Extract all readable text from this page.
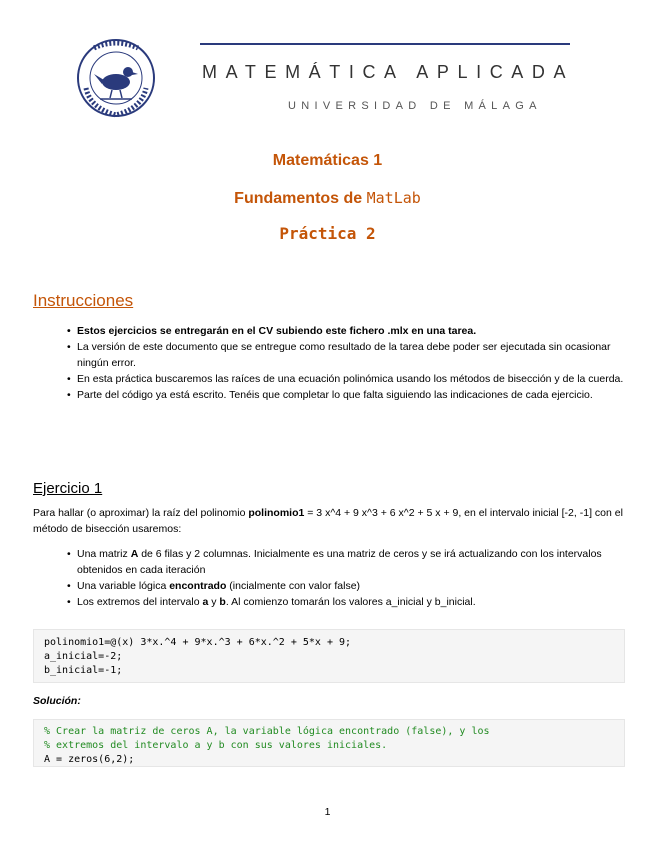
MATEMÁTICA APLICADA
UNIVERSIDAD DE MÁLAGA
Matemáticas 1
Fundamentos de MatLab
Práctica 2
Instrucciones
• Estos ejercicios se entregarán en el CV subiendo este fichero .mlx en una tarea.
• La versión de este documento que se entregue como resultado de la tarea debe poder ser ejecutada sin ocasionar ningún error.
• En esta práctica buscaremos las raíces de una ecuación polinómica usando los métodos de bisección y de la cuerda.
• Parte del código ya está escrito. Tenéis que completar lo que falta siguiendo las indicaciones de cada ejercicio.
Ejercicio 1
Para hallar (o aproximar) la raíz del polinomio polinomio1 = 3 x^4 + 9 x^3 + 6 x^2 + 5 x + 9, en el intervalo inicial [-2, -1] con el método de bisección usaremos:
• Una matriz A de 6 filas y 2 columnas. Inicialmente es una matriz de ceros y se irá actualizando con los intervalos obtenidos en cada iteración
• Una variable lógica encontrado (incialmente con valor false)
• Los extremos del intervalo a y b. Al comienzo tomarán los valores a_inicial y b_inicial.
polinomio1=@(x) 3*x.^4 + 9*x.^3 + 6*x.^2 + 5*x + 9;
a_inicial=-2;
b_inicial=-1;
Solución:
% Crear la matriz de ceros A, la variable lógica encontrado (false), y los
% extremos del intervalo a y b con sus valores iniciales.
A = zeros(6,2);
1
